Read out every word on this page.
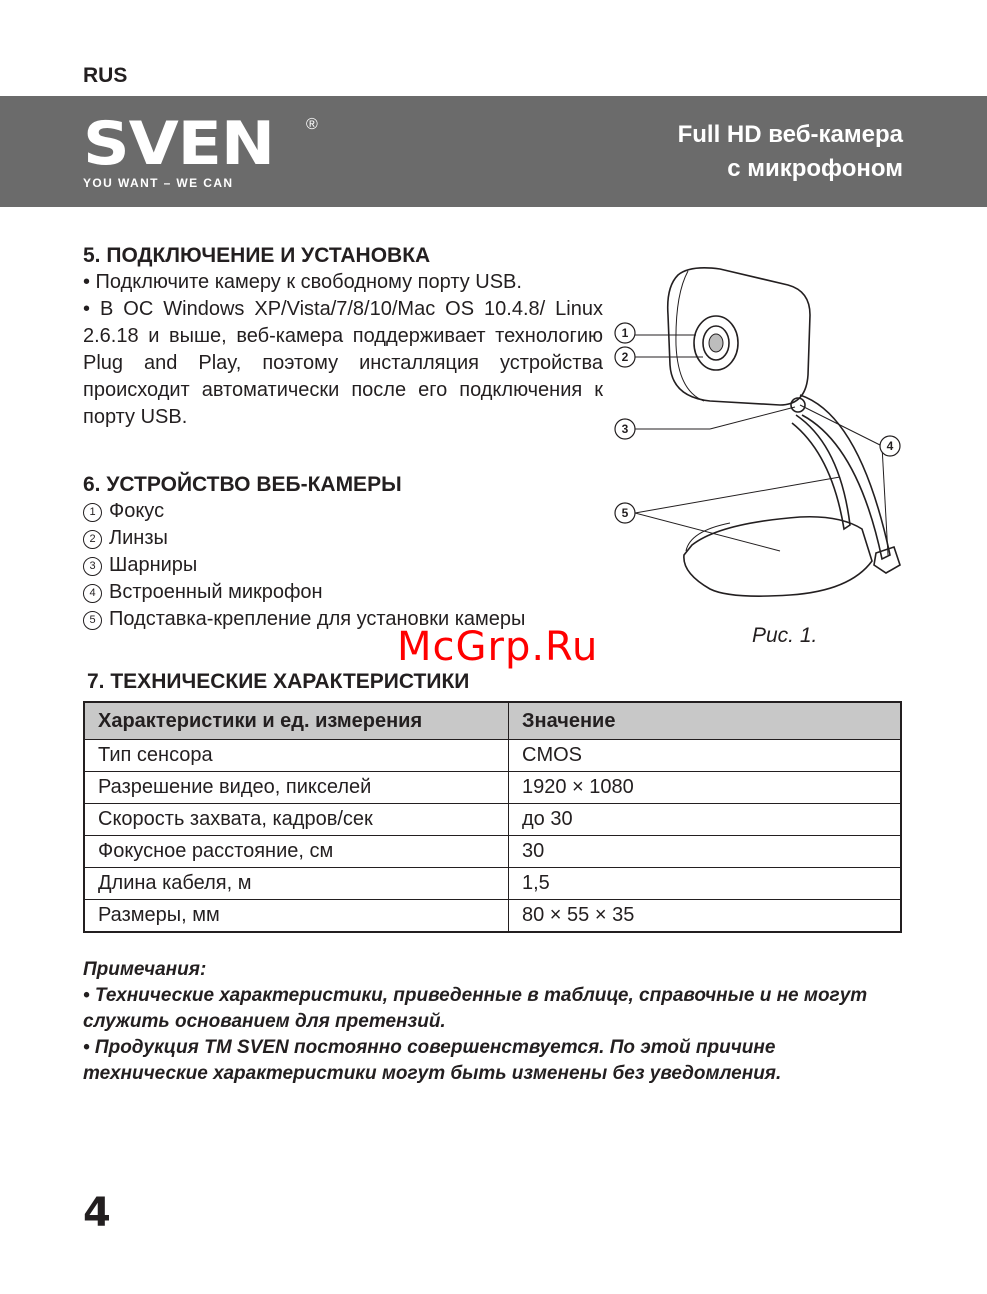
RUS
SVEN ®
YOU WANT – WE CAN
Full HD веб-камера
с микрофоном
5. ПОДКЛЮЧЕНИЕ И УСТАНОВКА
• Подключите камеру к свободному порту USB.
• В ОС Windows XP/Vista/7/8/10/Mac OS 10.4.8/ Linux 2.6.18 и выше, веб-камера поддерживает технологию Plug and Play, поэтому инсталляция устройства происходит автоматически после его подключения к порту USB.
6. УСТРОЙСТВО ВЕБ-КАМЕРЫ
1 Фокус
2 Линзы
3 Шарниры
4 Встроенный микрофон
5 Подставка-крепление для установки камеры
1
2
3
4
5
Рис. 1.
McGrp.Ru
7. ТЕХНИЧЕСКИЕ ХАРАКТЕРИСТИКИ
Характеристики и ед. измерения	Значение
Тип сенсора	CMOS
Разрешение видео, пикселей	1920 × 1080
Скорость захвата, кадров/сек	до 30
Фокусное расстояние, см	30
Длина кабеля, м	1,5
Размеры, мм	80 × 55 × 35
Примечания:
• Технические характеристики, приведенные в таблице, справочные и не могут служить основанием для претензий.
• Продукция ТМ SVEN постоянно совершенствуется. По этой причине технические характеристики могут быть изменены без уведомления.
4
